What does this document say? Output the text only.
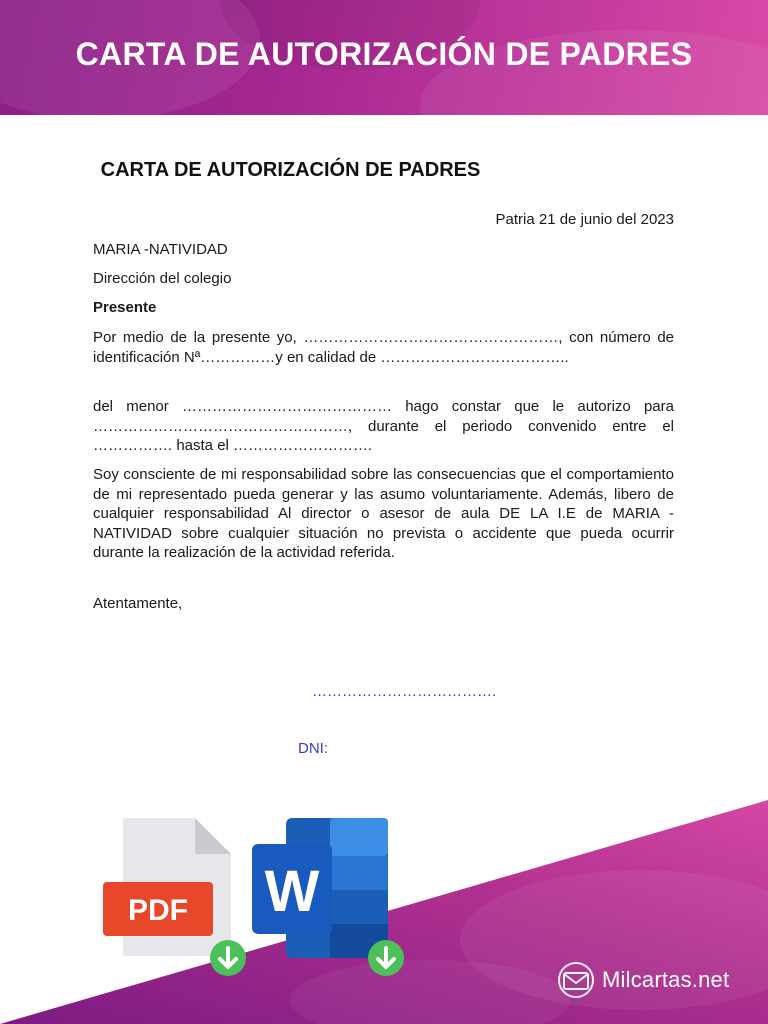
CARTA DE AUTORIZACIÓN DE PADRES
CARTA DE AUTORIZACIÓN DE PADRES
Patria 21 de junio del 2023
MARIA -NATIVIDAD
Dirección del colegio
Presente
Por medio de la presente yo, ……………………………………………, con número de identificación Nª……………y en calidad de ………………………………..
del menor …………………………………… hago constar que le autorizo para ……………………………………………, durante el periodo convenido entre el ……………. hasta el ……………………….
Soy consciente de mi responsabilidad sobre las consecuencias que el comportamiento de mi representado pueda generar y las asumo voluntariamente. Además, libero de cualquier responsabilidad Al director o asesor de aula DE LA I.E de MARIA -NATIVIDAD sobre cualquier situación no prevista o accidente que pueda ocurrir durante la realización de la actividad referida.
Atentamente,
……………………………….
DNI:
PDF W
Milcartas.net
